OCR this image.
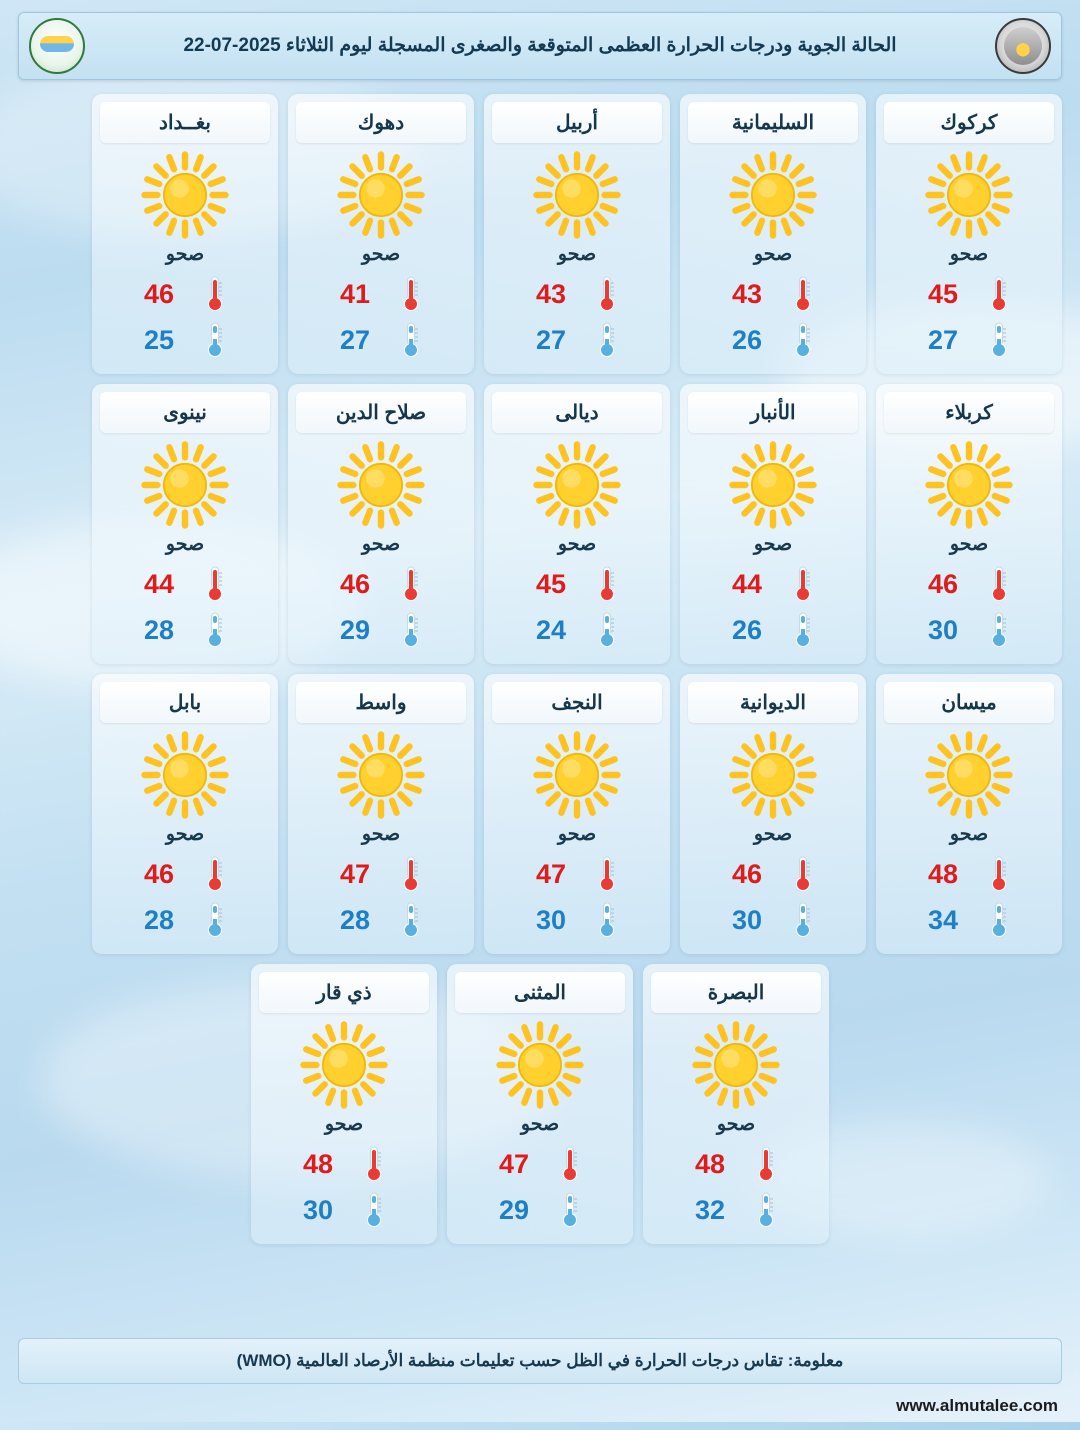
الحالة الجوية ودرجات الحرارة العظمى المتوقعة والصغرى المسجلة ليوم الثلاثاء 2025-07-22
كركوك
صحو
45
27
السليمانية
صحو
43
26
أربيل
صحو
43
27
دهوك
صحو
41
27
بغــداد
صحو
46
25
كربلاء
صحو
46
30
الأنبار
صحو
44
26
ديالى
صحو
45
24
صلاح الدين
صحو
46
29
نينوى
صحو
44
28
ميسان
صحو
48
34
الديوانية
صحو
46
30
النجف
صحو
47
30
واسط
صحو
47
28
بابل
صحو
46
28
البصرة
صحو
48
32
المثنى
صحو
47
29
ذي قار
صحو
48
30
معلومة: تقاس درجات الحرارة في الظل حسب تعليمات منظمة الأرصاد العالمية (WMO)
www.almutalee.com
